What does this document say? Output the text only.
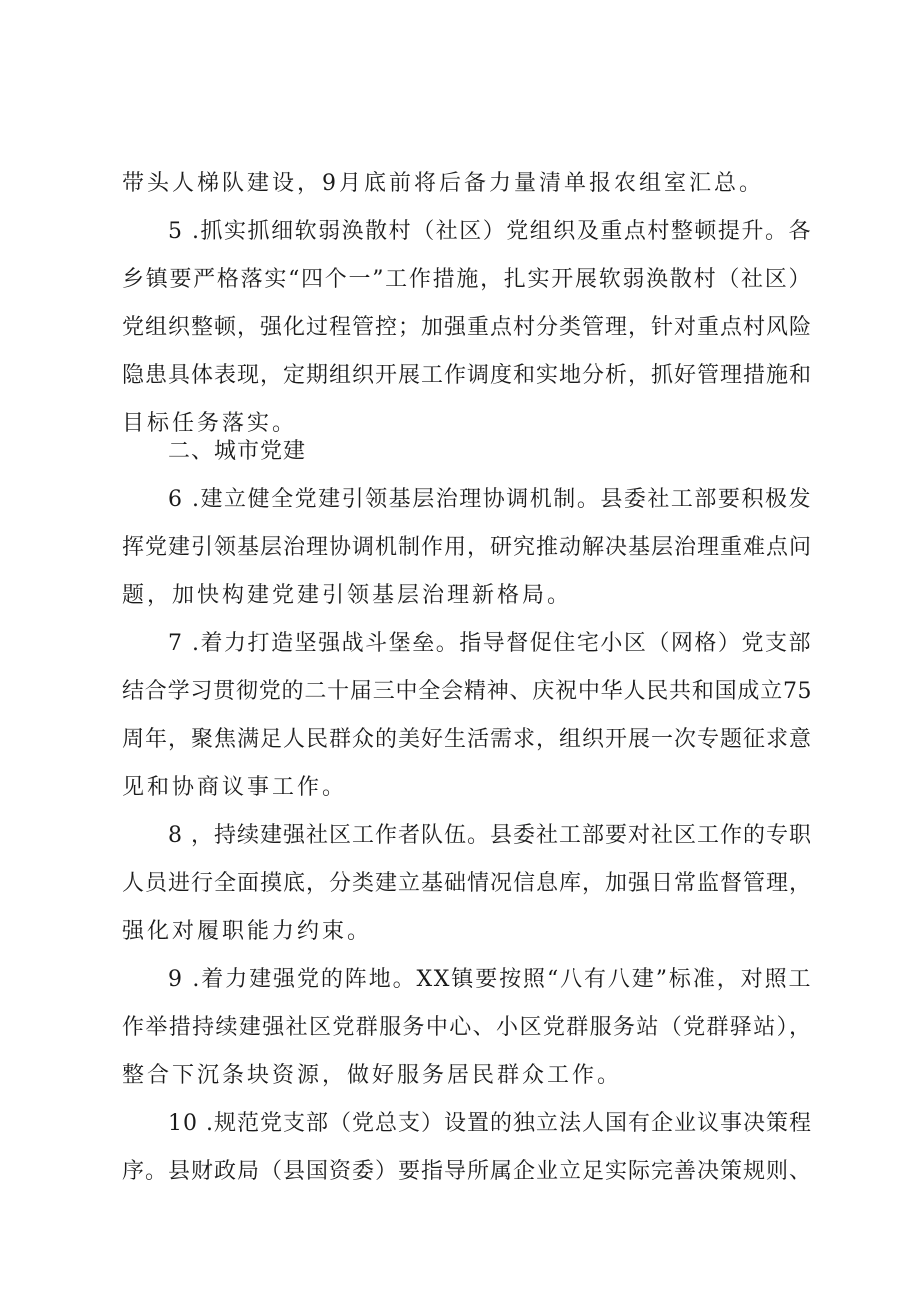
带头人梯队建设，9月底前将后备力量清单报农组室汇总。
5 .抓实抓细软弱涣散村（社区）党组织及重点村整顿提升。各
乡镇要严格落实“四个一”工作措施，扎实开展软弱涣散村（社区）
党组织整顿，强化过程管控；加强重点村分类管理，针对重点村风险
隐患具体表现，定期组织开展工作调度和实地分析，抓好管理措施和
目标任务落实。
二、城市党建
6 .建立健全党建引领基层治理协调机制。县委社工部要积极发
挥党建引领基层治理协调机制作用，研究推动解决基层治理重难点问
题，加快构建党建引领基层治理新格局。
7 .着力打造坚强战斗堡垒。指导督促住宅小区（网格）党支部
结合学习贯彻党的二十届三中全会精神、庆祝中华人民共和国成立75
周年，聚焦满足人民群众的美好生活需求，组织开展一次专题征求意
见和协商议事工作。
8 ，持续建强社区工作者队伍。县委社工部要对社区工作的专职
人员进行全面摸底，分类建立基础情况信息库，加强日常监督管理，
强化对履职能力约束。
9 .着力建强党的阵地。XX镇要按照“八有八建”标准，对照工
作举措持续建强社区党群服务中心、小区党群服务站（党群驿站），
整合下沉条块资源，做好服务居民群众工作。
10 .规范党支部（党总支）设置的独立法人国有企业议事决策程
序。县财政局（县国资委）要指导所属企业立足实际完善决策规则、
